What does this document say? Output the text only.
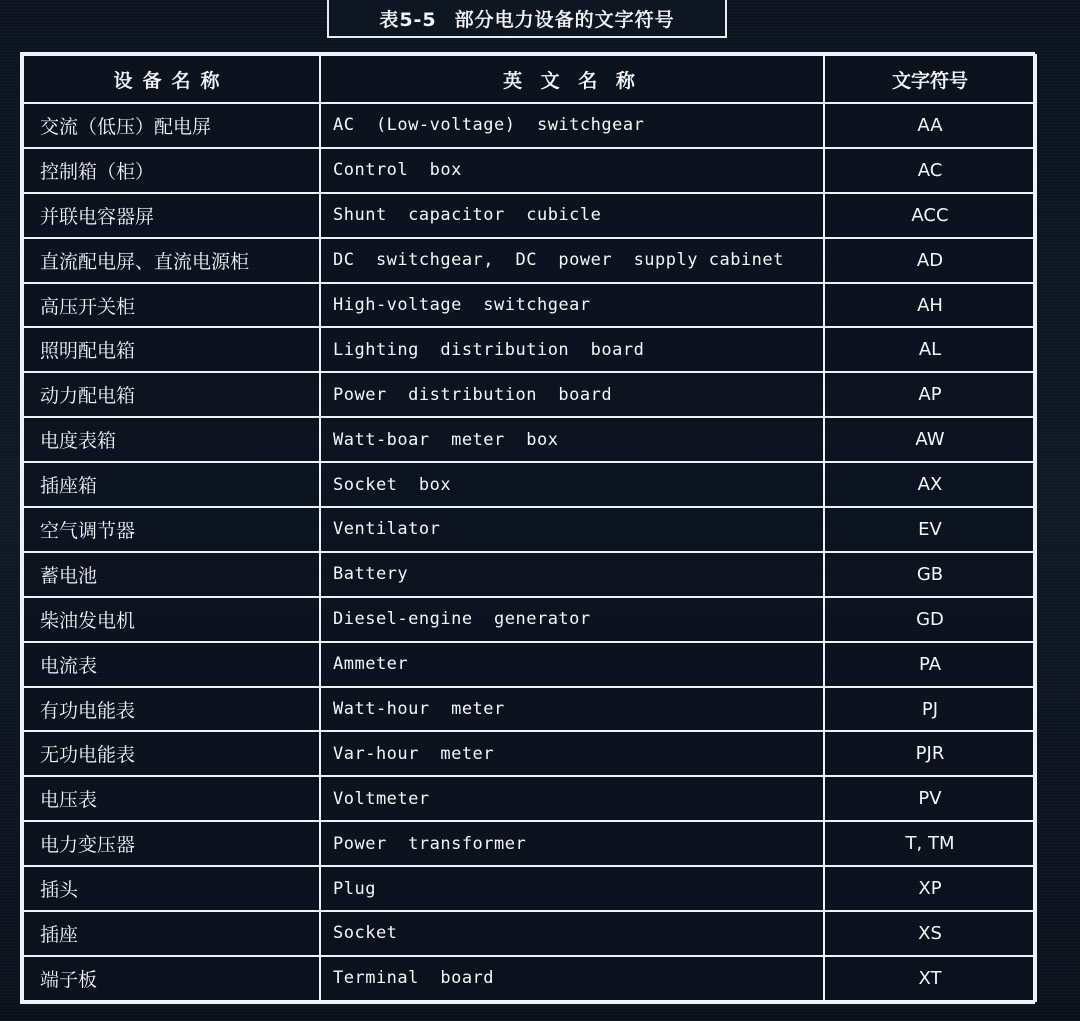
表5-5 部分电力设备的文字符号
设备名称	英 文 名 称	文字符号
交流（低压）配电屏	AC  (Low-voltage)  switchgear	AA
控制箱（柜）	Control  box	AC
并联电容器屏	Shunt  capacitor  cubicle	ACC
直流配电屏、直流电源柜	DC  switchgear,  DC  power  supply cabinet	AD
高压开关柜	High-voltage  switchgear	AH
照明配电箱	Lighting  distribution  board	AL
动力配电箱	Power  distribution  board	AP
电度表箱	Watt-boar  meter  box	AW
插座箱	Socket  box	AX
空气调节器	Ventilator	EV
蓄电池	Battery	GB
柴油发电机	Diesel-engine  generator	GD
电流表	Ammeter	PA
有功电能表	Watt-hour  meter	PJ
无功电能表	Var-hour  meter	PJR
电压表	Voltmeter	PV
电力变压器	Power  transformer	T, TM
插头	Plug	XP
插座	Socket	XS
端子板	Terminal  board	XT
